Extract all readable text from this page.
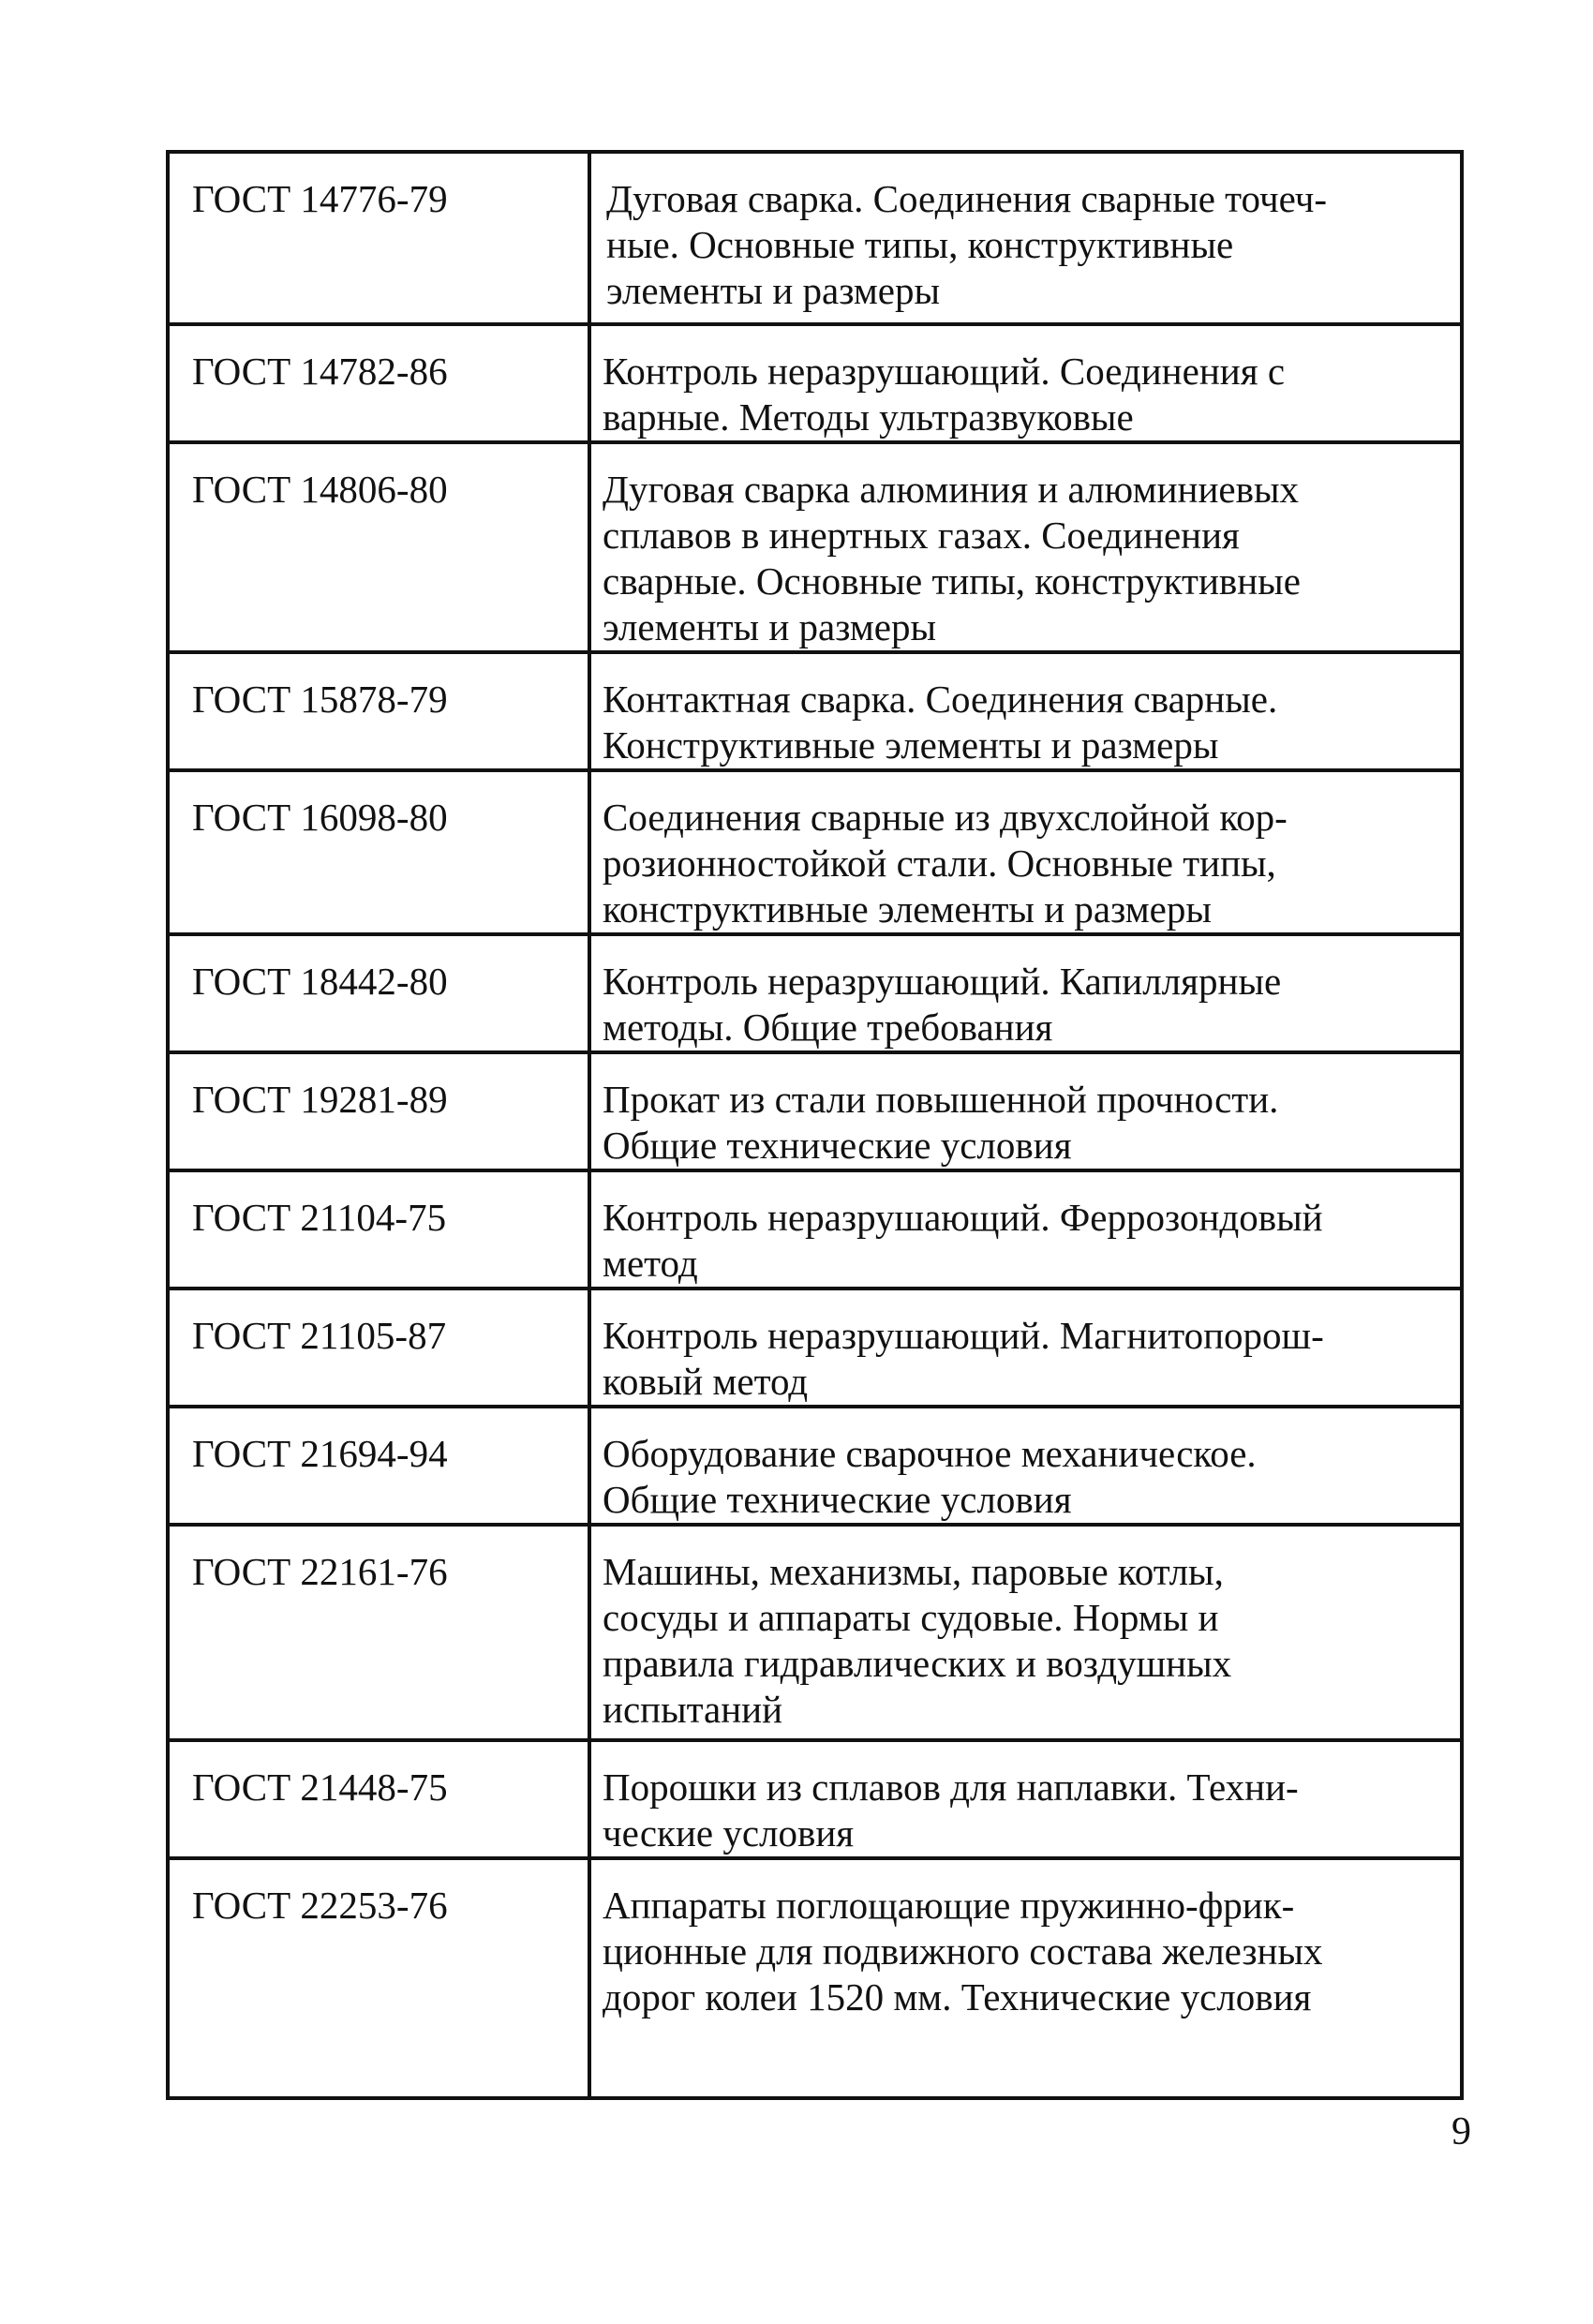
ГОСТ 14776-79	Дуговая сварка. Соединения сварные точеч-
ные. Основные типы, конструктивные
элементы и размеры

ГОСТ 14782-86	Контроль неразрушающий. Соединения с
варные. Методы ультразвуковые

ГОСТ 14806-80	Дуговая сварка алюминия и алюминиевых
сплавов в инертных газах. Соединения
сварные. Основные типы, конструктивные
элементы и размеры

ГОСТ 15878-79	Контактная сварка. Соединения сварные.
Конструктивные элементы и размеры

ГОСТ 16098-80	Соединения сварные из двухслойной кор-
розионностойкой стали. Основные типы,
конструктивные элементы и размеры

ГОСТ 18442-80	Контроль неразрушающий. Капиллярные
методы. Общие требования

ГОСТ 19281-89	Прокат из стали повышенной прочности.
Общие технические условия

ГОСТ 21104-75	Контроль неразрушающий. Феррозондовый
метод

ГОСТ 21105-87	Контроль неразрушающий. Магнитопорош-
ковый метод

ГОСТ 21694-94	Оборудование сварочное механическое.
Общие технические условия

ГОСТ 22161-76	Машины, механизмы, паровые котлы,
сосуды и аппараты судовые. Нормы и
правила гидравлических и воздушных
испытаний

ГОСТ 21448-75	Порошки из сплавов для наплавки. Техни-
ческие условия

ГОСТ 22253-76	Аппараты поглощающие пружинно-фрик-
ционные для подвижного состава железных
дорог колеи 1520 мм. Технические условия
9
